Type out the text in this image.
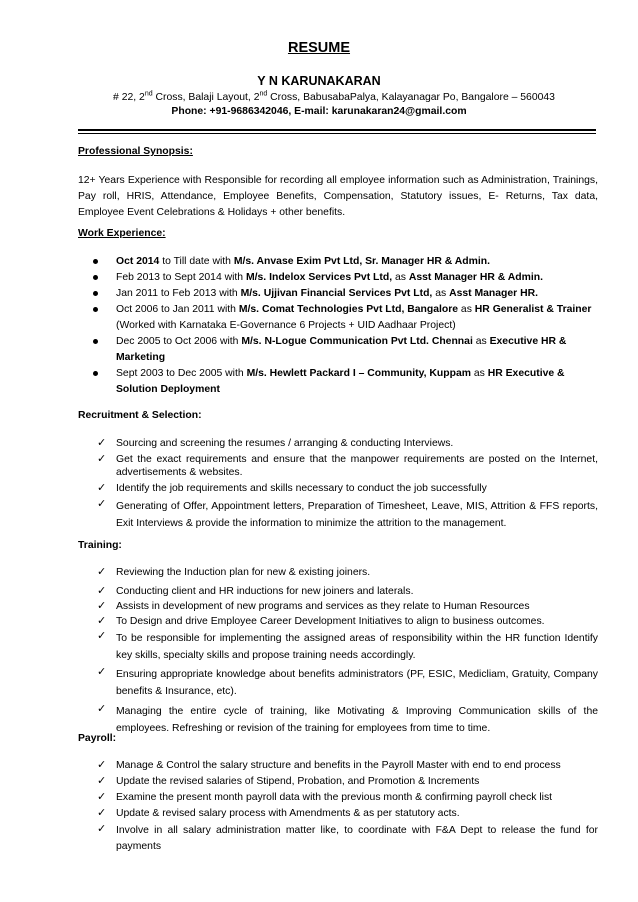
RESUME
Y N KARUNAKARAN
# 22, 2nd Cross, Balaji Layout, 2nd Cross, BabusabaPalya, Kalayanagar Po, Bangalore – 560043
Phone: +91-9686342046, E-mail: karunakaran24@gmail.com
Professional Synopsis:

12+ Years Experience with Responsible for recording all employee information such as Administration, Trainings, Pay roll, HRIS, Attendance, Employee Benefits, Compensation, Statutory issues, E- Returns, Tax data, Employee Event Celebrations & Holidays + other benefits.

Work Experience:
Oct 2014 to Till date with M/s. Anvase Exim Pvt Ltd, Sr. Manager HR & Admin.
Feb 2013 to Sept 2014 with M/s. Indelox Services Pvt Ltd, as Asst Manager HR & Admin.
Jan 2011 to Feb 2013 with M/s. Ujjivan Financial Services Pvt Ltd, as Asst Manager HR.
Oct 2006 to Jan 2011 with M/s. Comat Technologies Pvt Ltd, Bangalore as HR Generalist & Trainer
(Worked with Karnataka E-Governance 6 Projects + UID Aadhaar Project)
Dec 2005 to Oct 2006 with M/s. N-Logue Communication Pvt Ltd. Chennai as Executive HR & Marketing
Sept 2003 to Dec 2005 with M/s. Hewlett Packard I – Community, Kuppam as HR Executive & Solution Deployment
Recruitment & Selection:
✓ Sourcing and screening the resumes / arranging & conducting Interviews.
✓ Get the exact requirements and ensure that the manpower requirements are posted on the Internet, advertisements & websites.
✓ Identify the job requirements and skills necessary to conduct the job successfully
✓ Generating of Offer, Appointment letters, Preparation of Timesheet, Leave, MIS, Attrition & FFS reports, Exit Interviews & provide the information to minimize the attrition to the management.
Training:
✓ Reviewing the Induction plan for new & existing joiners.
✓ Conducting client and HR inductions for new joiners and laterals.
✓ Assists in development of new programs and services as they relate to Human Resources
✓ To Design and drive Employee Career Development Initiatives to align to business outcomes.
✓ To be responsible for implementing the assigned areas of responsibility within the HR function Identify key skills, specialty skills and propose training needs accordingly.
✓ Ensuring appropriate knowledge about benefits administrators (PF, ESIC, Medicliam, Gratuity, Company benefits & Insurance, etc).
✓ Managing the entire cycle of training, like Motivating & Improving Communication skills of the employees. Refreshing or revision of the training for employees from time to time.
Payroll:
✓ Manage & Control the salary structure and benefits in the Payroll Master with end to end process
✓ Update the revised salaries of Stipend, Probation, and Promotion & Increments
✓ Examine the present month payroll data with the previous month & confirming payroll check list
✓ Update & revised salary process with Amendments & as per statutory acts.
✓ Involve in all salary administration matter like, to coordinate with F&A Dept to release the fund for payments
